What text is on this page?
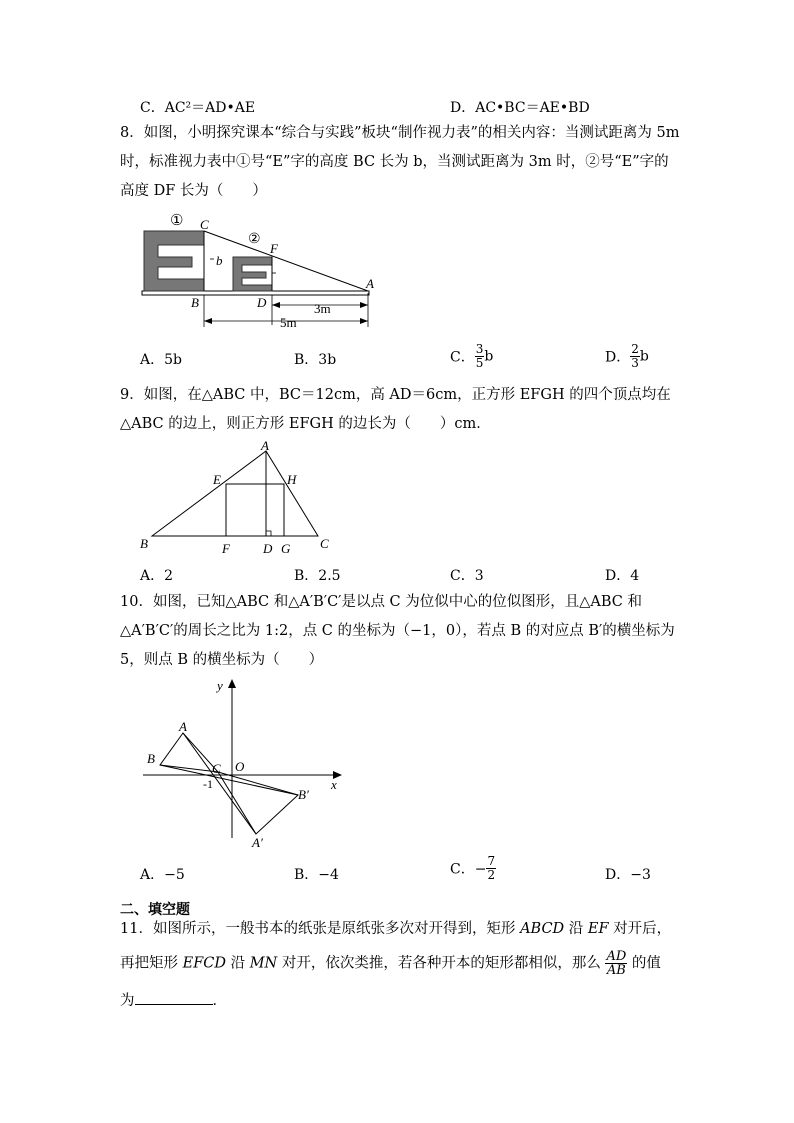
C．AC²＝AD•AE	D．AC•BC＝AE•BD
8．如图，小明探究课本“综合与实践”板块“制作视力表”的相关内容：当测试距离为 5m
时，标准视力表中①号“E”字的高度 BC 长为 b，当测试距离为 3m 时，②号“E”字的
高度 DF 长为（　　）
①
②
C
F
b
B	D
A
3m
5m
A．5b	B．3b	C． $\frac{3}{5}$ b	D． $\frac{2}{3}$ b
9．如图，在△ABC 中，BC＝12cm，高 AD＝6cm，正方形 EFGH 的四个顶点均在
△ABC 的边上，则正方形 EFGH 的边长为（　　）cm．
A
E	H
B	F	D G C
A．2	B．2.5	C．3	D．4
10．如图，已知△ABC 和△A′B′C′是以点 C 为位似中心的位似图形，且△ABC 和
△A′B′C′的周长之比为 1:2，点 C 的坐标为（−1，0），若点 B 的对应点 B′的横坐标为
5，则点 B 的横坐标为（　　）
y
x
A
B
C O
-1
B′
A′
A．−5	B．−4	C．− $\frac{7}{2}$	D．−3
二、填空题
11．如图所示，一般书本的纸张是原纸张多次对开得到，矩形 ABCD 沿 EF 对开后，
再把矩形 EFCD 沿 MN 对开，依次类推，若各种开本的矩形都相似，那么 $\frac{AD}{AB}$ 的值
为	．
